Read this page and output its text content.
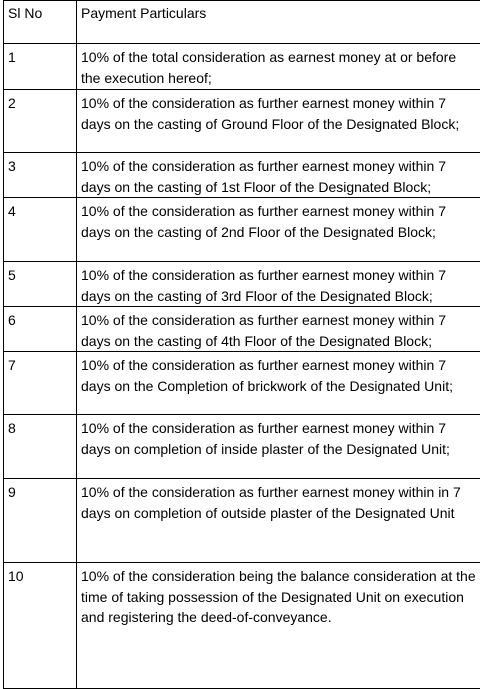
Sl No	Payment Particulars
1	10% of the total consideration as earnest money at or before the execution hereof;
2	10% of the consideration as further earnest money within 7 days on the casting of Ground Floor of the Designated Block;
3	10% of the consideration as further earnest money within 7 days on the casting of 1st Floor of the Designated Block;
4	10% of the consideration as further earnest money within 7 days on the casting of 2nd Floor of the Designated Block;
5	10% of the consideration as further earnest money within 7 days on the casting of 3rd Floor of the Designated Block;
6	10% of the consideration as further earnest money within 7 days on the casting of 4th Floor of the Designated Block;
7	10% of the consideration as further earnest money within 7 days on the Completion of brickwork of the Designated Unit;
8	10% of the consideration as further earnest money within 7 days on completion of inside plaster of the Designated Unit;
9	10% of the consideration as further earnest money within in 7 days on completion of outside plaster of the Designated Unit
10	10% of the consideration being the balance consideration at the time of taking possession of the Designated Unit on execution and registering the deed-of-conveyance.
